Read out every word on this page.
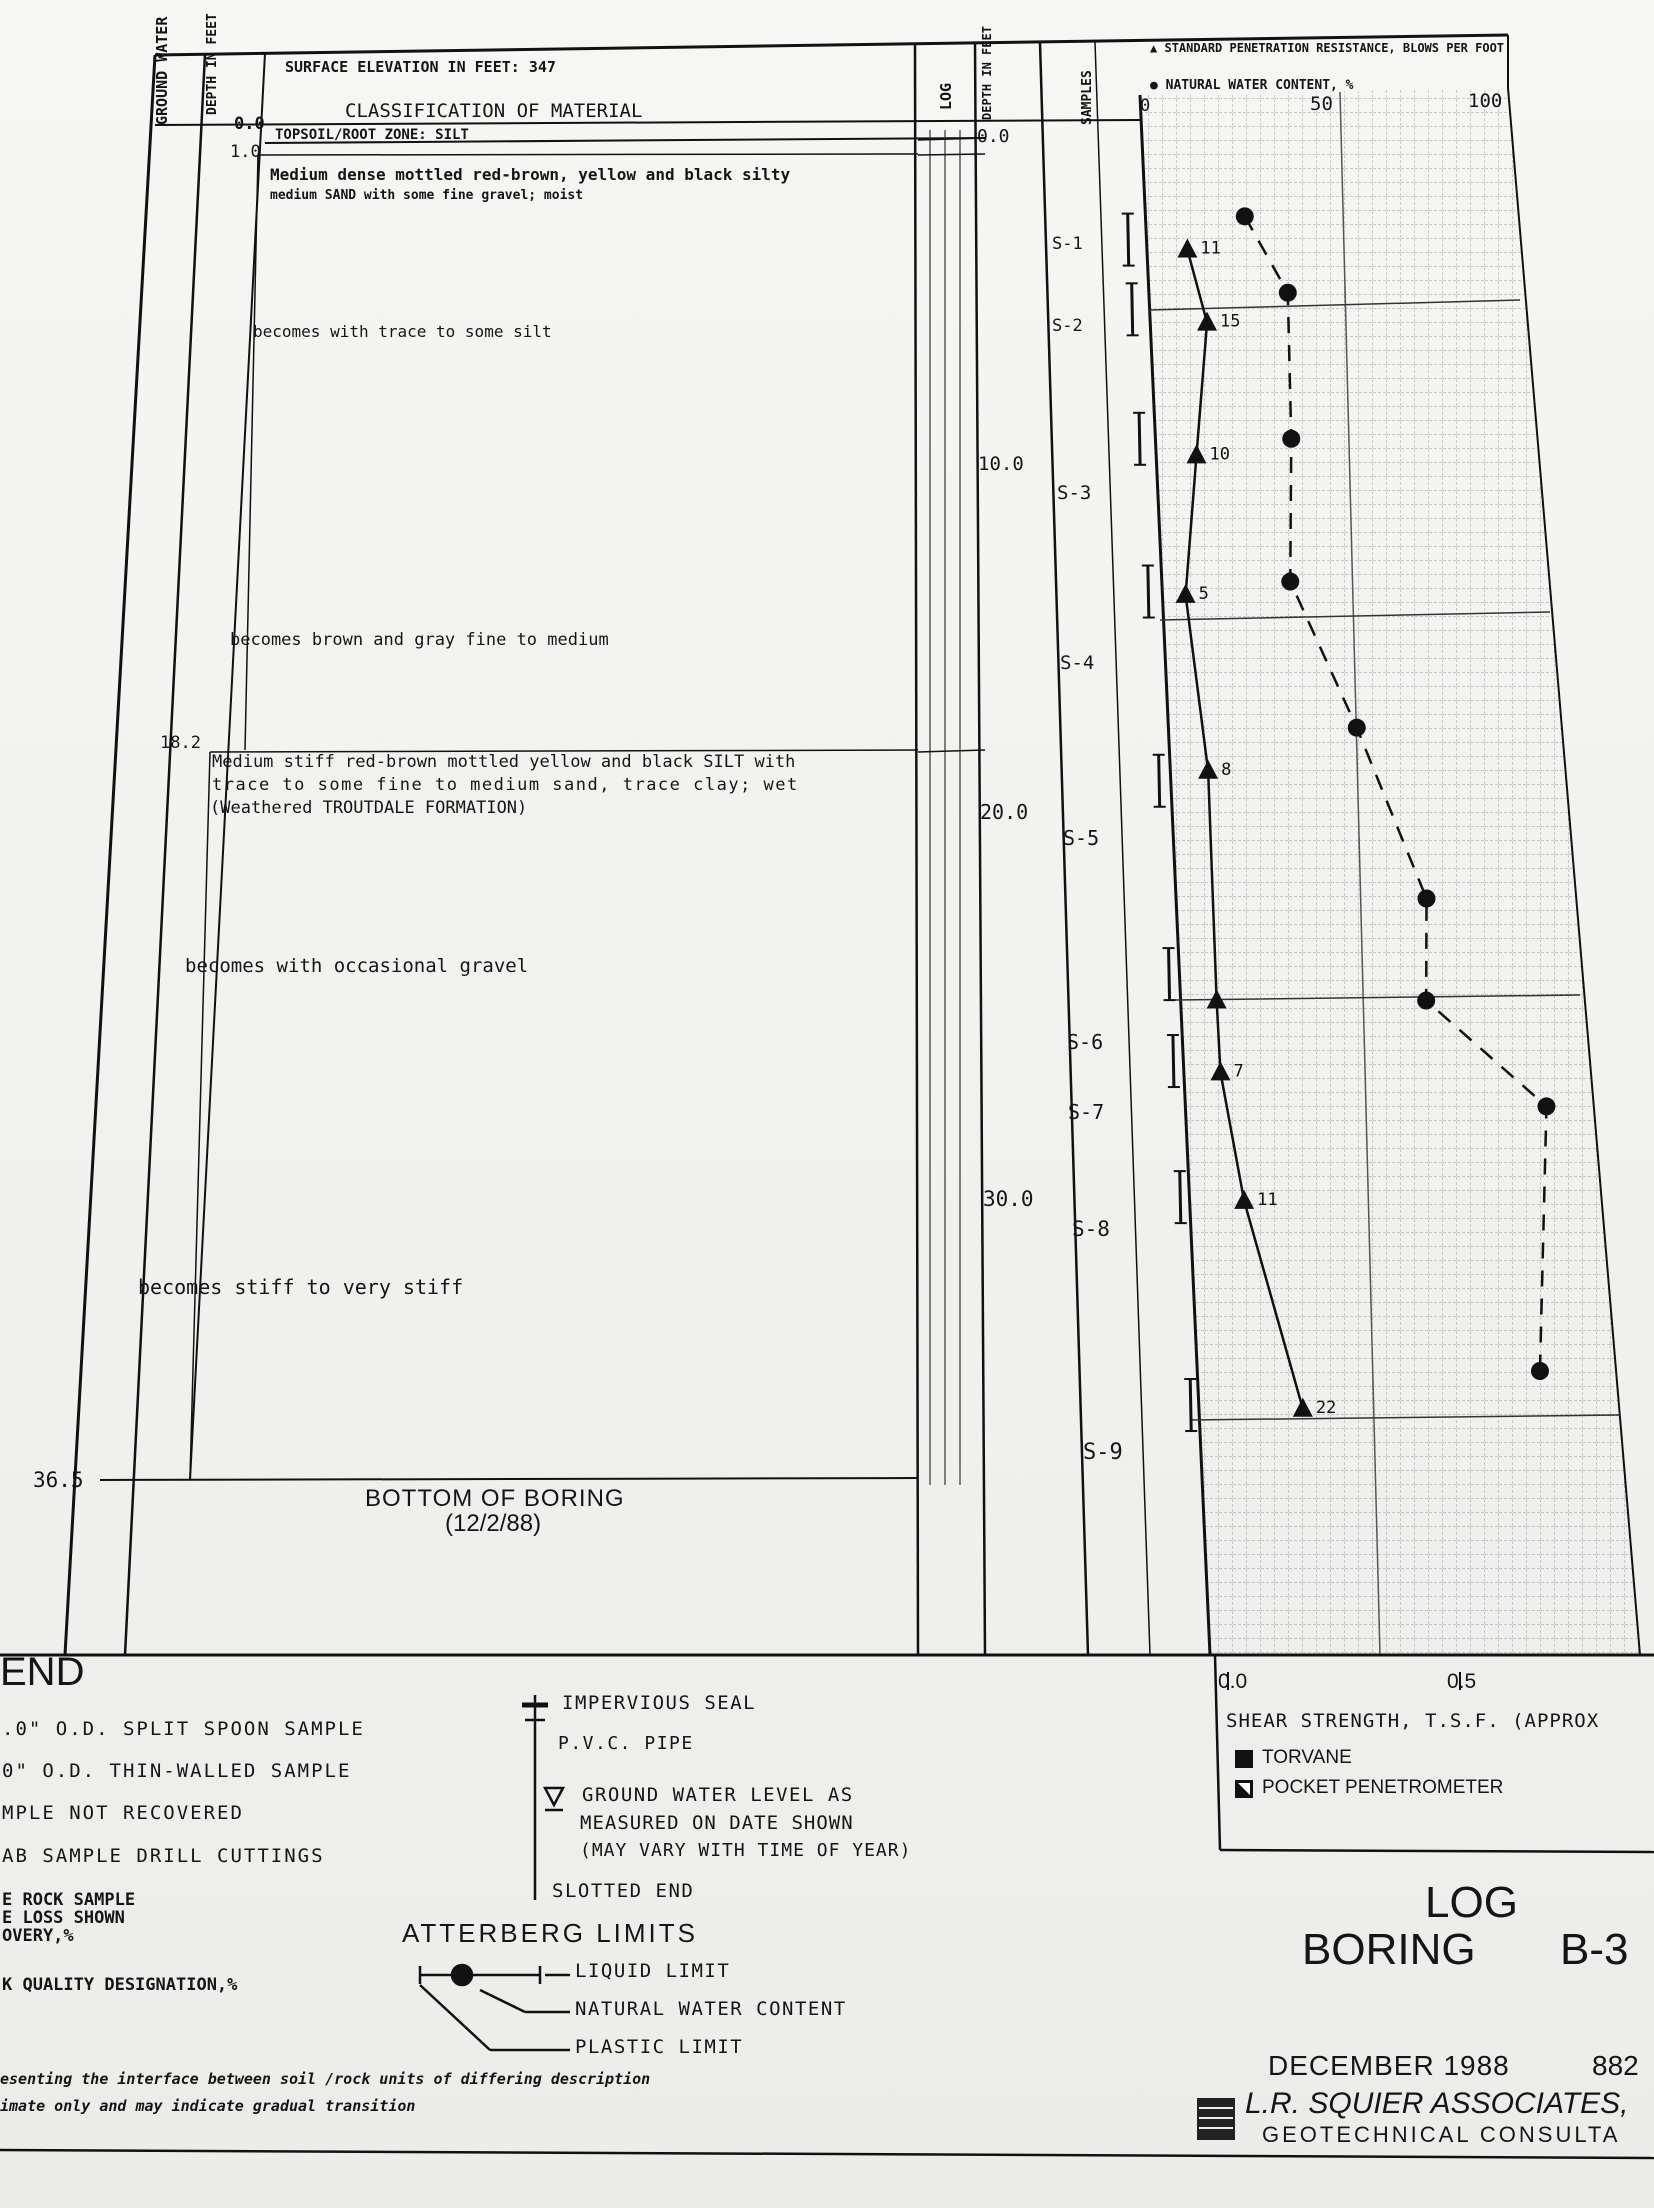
11
15
10
5
8
7
11
22
GROUND WATER	DEPTH IN FEET	SURFACE ELEVATION IN FEET: 347
CLASSIFICATION OF MATERIAL
LOG DEPTH IN FEET	SAMPLES
▲ STANDARD PENETRATION RESISTANCE, BLOWS PER FOOT
● NATURAL WATER CONTENT, %
0	50	100
0.0
TOPSOIL/ROOT ZONE: SILT
1.0
Medium dense mottled red-brown, yellow and black silty
medium SAND with some fine gravel; moist
becomes with trace to some silt
becomes brown and gray fine to medium
18.2
Medium stiff red-brown mottled yellow and black SILT with
trace to some fine to medium sand, trace clay; wet
(Weathered TROUTDALE FORMATION)
becomes with occasional gravel
becomes stiff to very stiff
36.5
BOTTOM OF BORING
(12/2/88)
0.0
10.0
20.0
30.0
S-1
S-2
S-3
S-4
S-5
S-6
S-7
S-8
S-9
0.0	0.5
SHEAR STRENGTH, T.S.F. (APPROX
TORVANE
POCKET PENETROMETER
END
.0" O.D. SPLIT SPOON SAMPLE
0" O.D. THIN-WALLED SAMPLE
MPLE NOT RECOVERED
AB SAMPLE DRILL CUTTINGS
E ROCK SAMPLE
E LOSS SHOWN
OVERY,%
K QUALITY DESIGNATION,%
IMPERVIOUS SEAL
P.V.C. PIPE
GROUND WATER LEVEL AS
MEASURED ON DATE SHOWN
(MAY VARY WITH TIME OF YEAR)
SLOTTED END
ATTERBERG LIMITS
LIQUID LIMIT
NATURAL WATER CONTENT
PLASTIC LIMIT
esenting the interface between soil /rock units of differing description
imate only and may indicate gradual transition
LOG
BORING B-3
DECEMBER 1988	882
L.R. SQUIER ASSOCIATES,
GEOTECHNICAL CONSULTA
